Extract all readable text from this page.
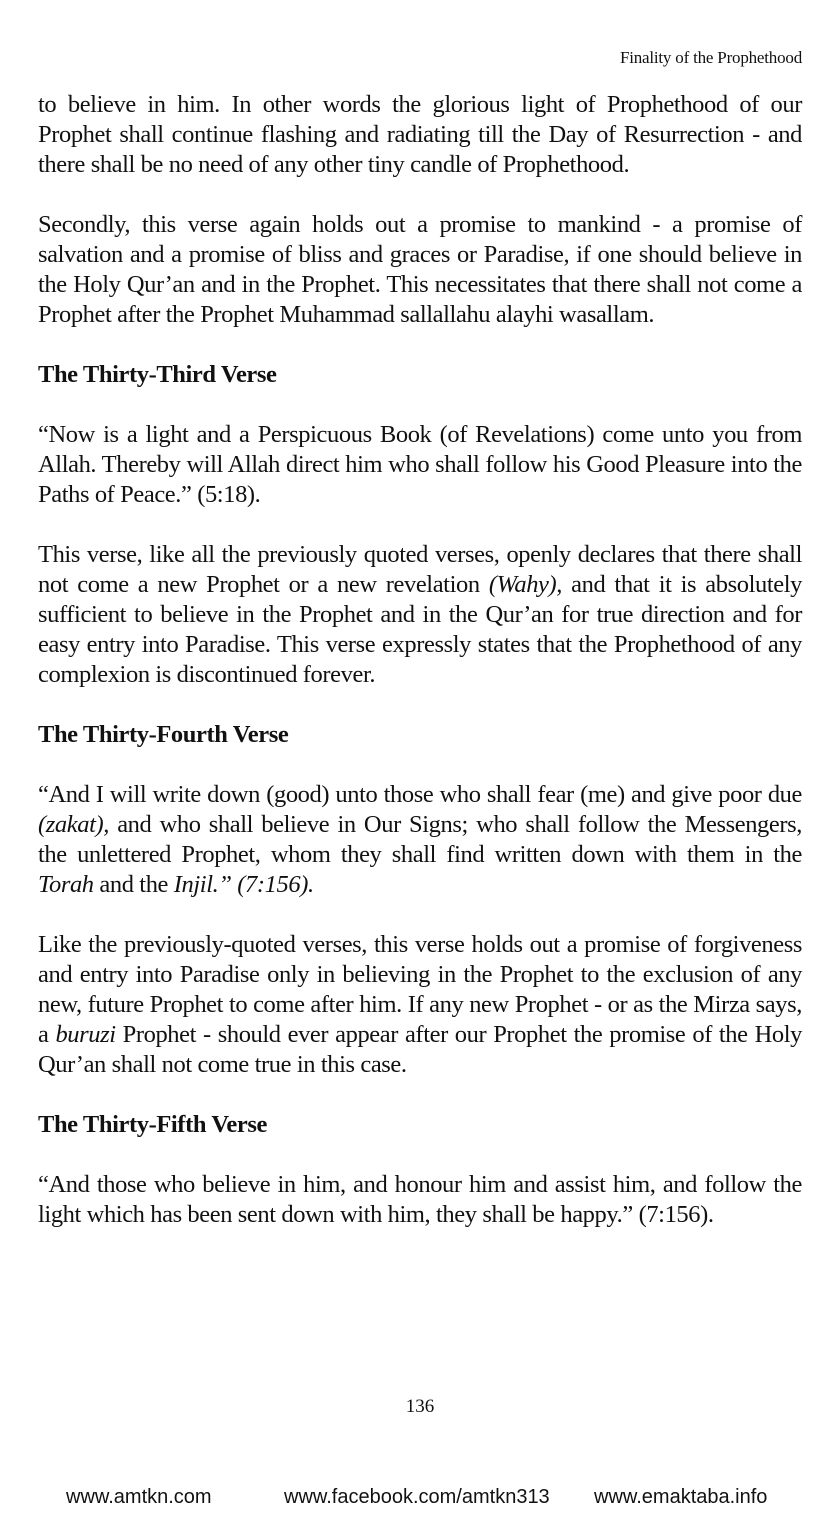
Finality of the Prophethood

to believe in him. In other words the glorious light of Prophethood of our Prophet shall continue flashing and radiating till the Day of Resurrection - and there shall be no need of any other tiny candle of Prophethood.

Secondly, this verse again holds out a promise to mankind - a promise of salvation and a promise of bliss and graces or Paradise, if one should believe in the Holy Qur’an and in the Prophet. This necessitates that there shall not come a Prophet after the Prophet Muhammad sallallahu alayhi wasallam.

The Thirty-Third Verse

“Now is a light and a Perspicuous Book (of Revelations) come unto you from Allah. Thereby will Allah direct him who shall follow his Good Pleasure into the Paths of Peace.” (5:18).

This verse, like all the previously quoted verses, openly declares that there shall not come a new Prophet or a new revelation (Wahy), and that it is absolutely sufficient to believe in the Prophet and in the Qur’an for true direction and for easy entry into Paradise. This verse expressly states that the Prophethood of any complexion is discontinued forever.

The Thirty-Fourth Verse

“And I will write down (good) unto those who shall fear (me) and give poor due (zakat), and who shall believe in Our Signs; who shall follow the Messengers, the unlettered Prophet, whom they shall find written down with them in the Torah and the Injil.” (7:156).

Like the previously-quoted verses, this verse holds out a promise of forgiveness and entry into Paradise only in believing in the Prophet to the exclusion of any new, future Prophet to come after him. If any new Prophet - or as the Mirza says, a buruzi Prophet - should ever appear after our Prophet the promise of the Holy Qur’an shall not come true in this case.

The Thirty-Fifth Verse

“And those who believe in him, and honour him and assist him, and follow the light which has been sent down with him, they shall be happy.” (7:156).

136
www.amtkn.com	www.facebook.com/amtkn313 www.emaktaba.info
